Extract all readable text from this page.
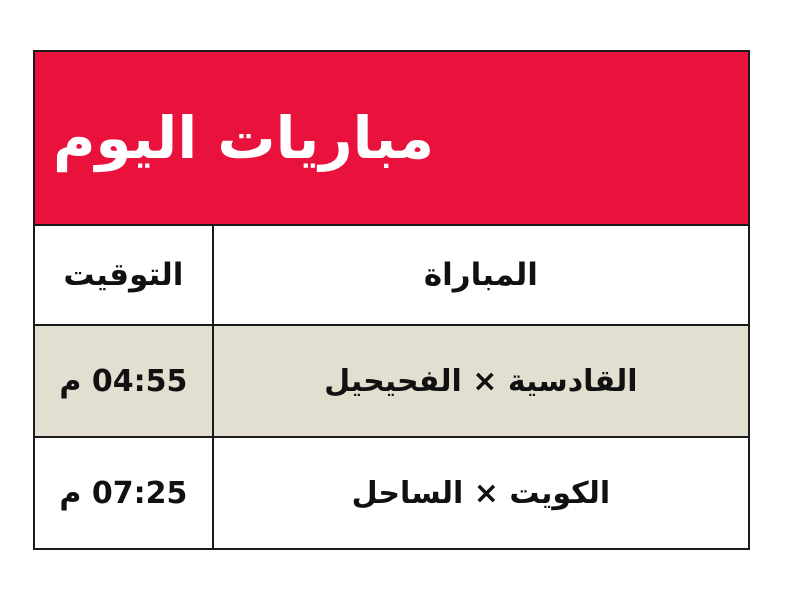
مباريات اليوم	

المباراة	التوقيت
القادسية × الفحيحيل	04:55 م
الكويت × الساحل	07:25 م
